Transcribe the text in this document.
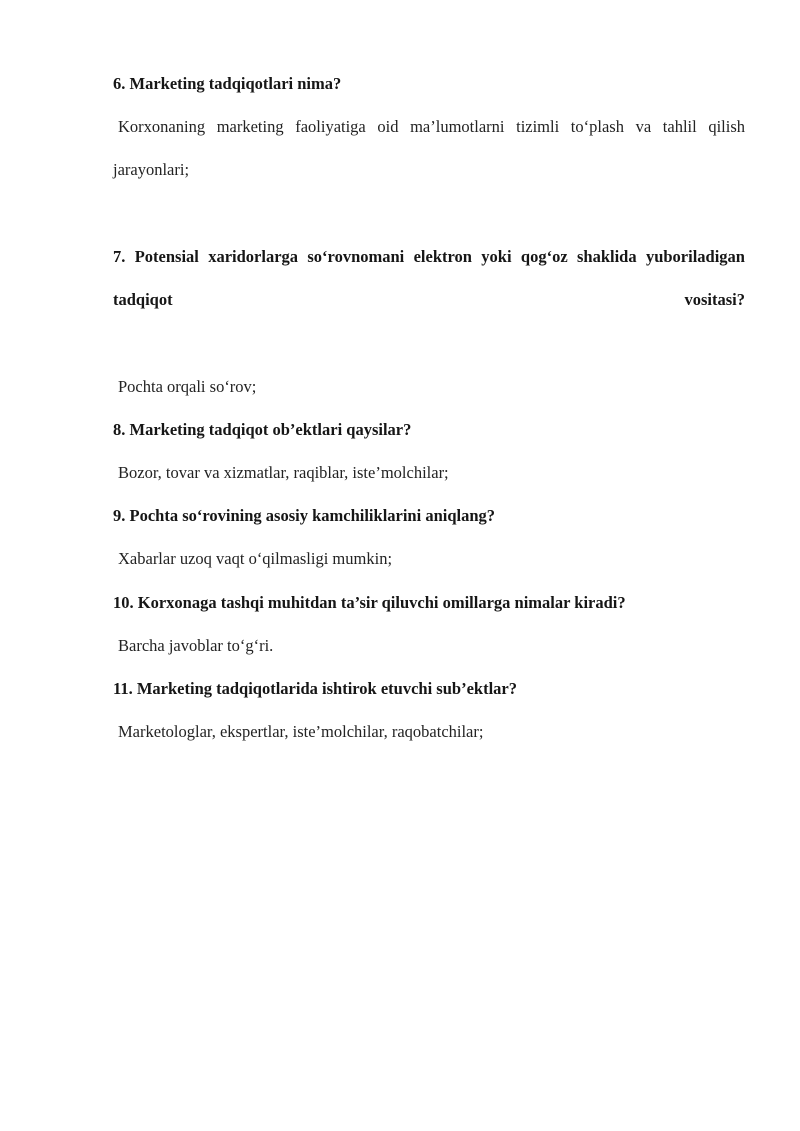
6. Marketing tadqiqotlari nima?

Korxonaning marketing faoliyatiga oid ma’lumotlarni tizimli to‘plash va tahlil qilish jarayonlari;

7. Potensial xaridorlarga so‘rovnomani elektron yoki qog‘oz shaklida yuboriladigan tadqiqot vositasi?

Pochta orqali so‘rov;

8. Marketing tadqiqot ob’ektlari qaysilar?

Bozor, tovar va xizmatlar, raqiblar, iste’molchilar;

9. Pochta so‘rovining asosiy kamchiliklarini aniqlang?

Xabarlar uzoq vaqt o‘qilmasligi mumkin;

10. Korxonaga tashqi muhitdan ta’sir qiluvchi omillarga nimalar kiradi?

Barcha javoblar to‘g‘ri.

11. Marketing tadqiqotlarida ishtirok etuvchi sub’ektlar?

Marketologlar, ekspertlar, iste’molchilar, raqobatchilar;
